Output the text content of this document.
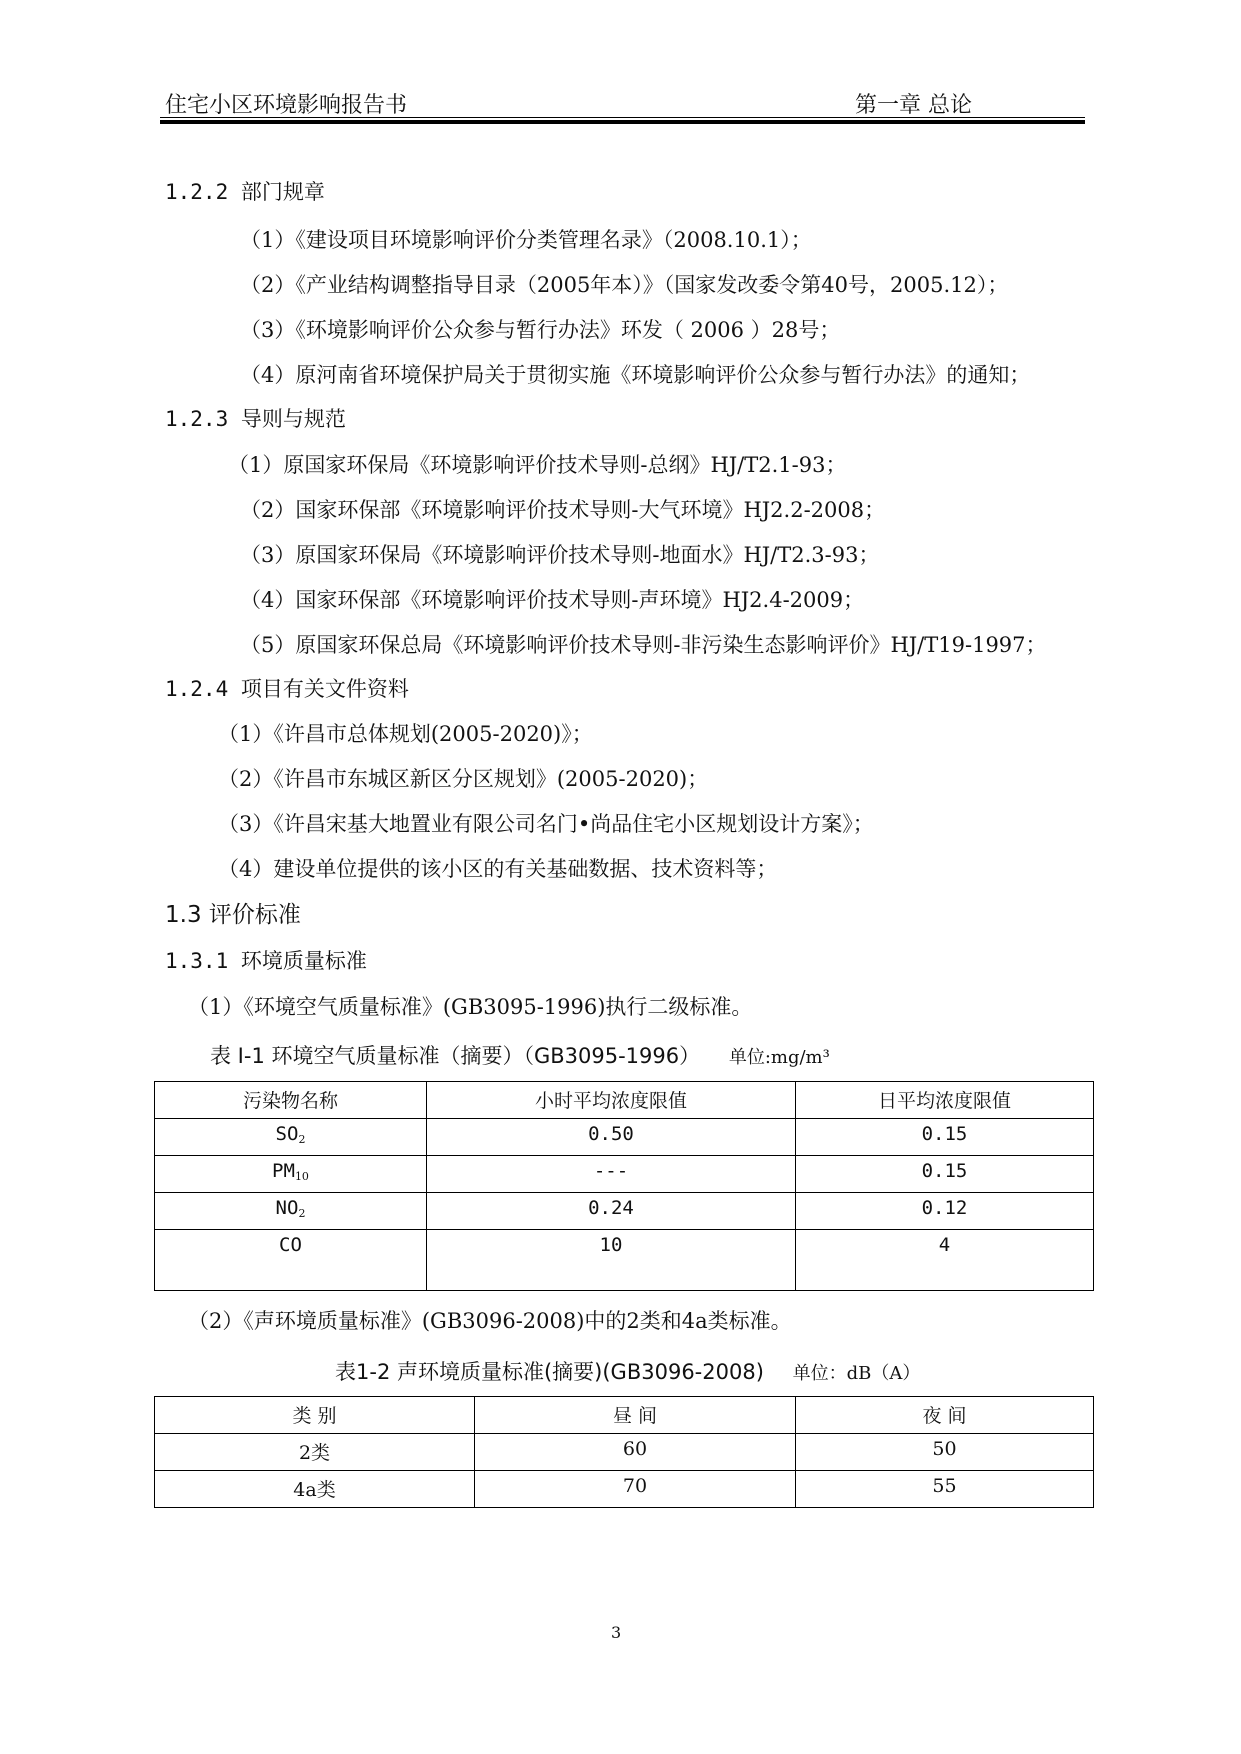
住宅小区环境影响报告书	第一章 总论
1.2.2 部门规章
（1）《建设项目环境影响评价分类管理名录》（2008.10.1）；
（2）《产业结构调整指导目录（2005年本）》（国家发改委令第40号，2005.12）；
（3）《环境影响评价公众参与暂行办法》环发（ 2006 ）28号；
（4）原河南省环境保护局关于贯彻实施《环境影响评价公众参与暂行办法》的通知；
1.2.3 导则与规范
（1）原国家环保局《环境影响评价技术导则-总纲》HJ/T2.1-93；
（2）国家环保部《环境影响评价技术导则-大气环境》HJ2.2-2008；
（3）原国家环保局《环境影响评价技术导则-地面水》HJ/T2.3-93；
（4）国家环保部《环境影响评价技术导则-声环境》HJ2.4-2009；
（5）原国家环保总局《环境影响评价技术导则-非污染生态影响评价》HJ/T19-1997；
1.2.4 项目有关文件资料
（1）《许昌市总体规划(2005-2020)》；
（2）《许昌市东城区新区分区规划》(2005-2020)；
（3）《许昌宋基大地置业有限公司名门•尚品住宅小区规划设计方案》；
（4）建设单位提供的该小区的有关基础数据、技术资料等；
1.3 评价标准
1.3.1 环境质量标准
（1）《环境空气质量标准》(GB3095-1996)执行二级标准。
表 I-1 环境空气质量标准（摘要）（GB3095-1996） 单位:mg/m³
污染物名称	小时平均浓度限值	日平均浓度限值
$SO_2$	0.50	0.15
$PM_{10}$	---	0.15
$NO_2$	0.24	0.12
CO	10	4
（2）《声环境质量标准》(GB3096-2008)中的2类和4a类标准。
表1-2 声环境质量标准(摘要)(GB3096-2008) 单位：dB（A）
类 别	昼 间	夜 间
2类	60	50
4a类	70	55
3
